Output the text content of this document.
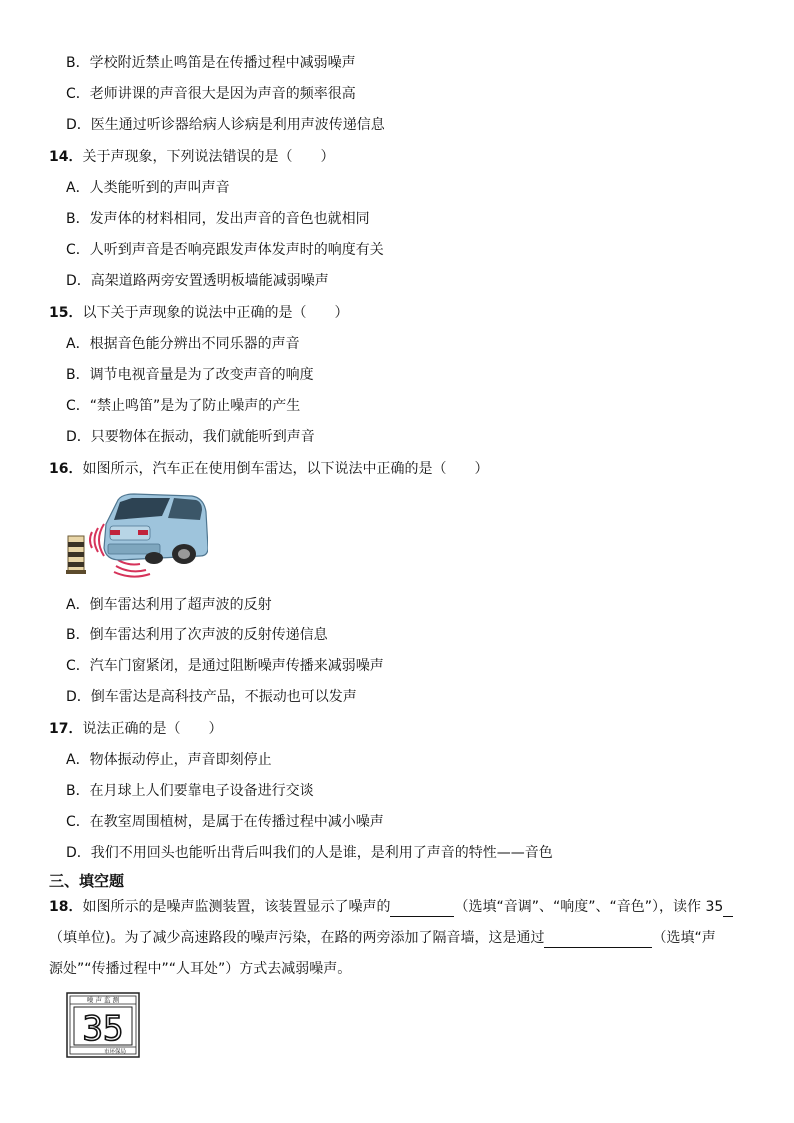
B．学校附近禁止鸣笛是在传播过程中减弱噪声
C．老师讲课的声音很大是因为声音的频率很高
D．医生通过听诊器给病人诊病是利用声波传递信息
14．关于声现象，下列说法错误的是（　　）
A．人类能听到的声叫声音
B．发声体的材料相同，发出声音的音色也就相同
C．人听到声音是否响亮跟发声体发声时的响度有关
D．高架道路两旁安置透明板墙能减弱噪声
15．以下关于声现象的说法中正确的是（　　）
A．根据音色能分辨出不同乐器的声音
B．调节电视音量是为了改变声音的响度
C．“禁止鸣笛”是为了防止噪声的产生
D．只要物体在振动，我们就能听到声音
16．如图所示，汽车正在使用倒车雷达，以下说法中正确的是（　　）
A．倒车雷达利用了超声波的反射
B．倒车雷达利用了次声波的反射传递信息
C．汽车门窗紧闭，是通过阻断噪声传播来减弱噪声
D．倒车雷达是高科技产品，不振动也可以发声
17．说法正确的是（　　）
A．物体振动停止，声音即刻停止
B．在月球上人们要靠电子设备进行交谈
C．在教室周围植树，是属于在传播过程中减小噪声
D．我们不用回头也能听出背后叫我们的人是谁，是利用了声音的特性——音色
三、填空题
18．如图所示的是噪声监测装置，该装置显示了噪声的	（选填“音调”、“响度”、“音色”），读作 35
（填单位)。为了减少高速路段的噪声污染，在路的两旁添加了隔音墙，这是通过	（选填“声
源处”“传播过程中”“人耳处”）方式去减弱噪声。
噪 声 监 测
35
市环保局
